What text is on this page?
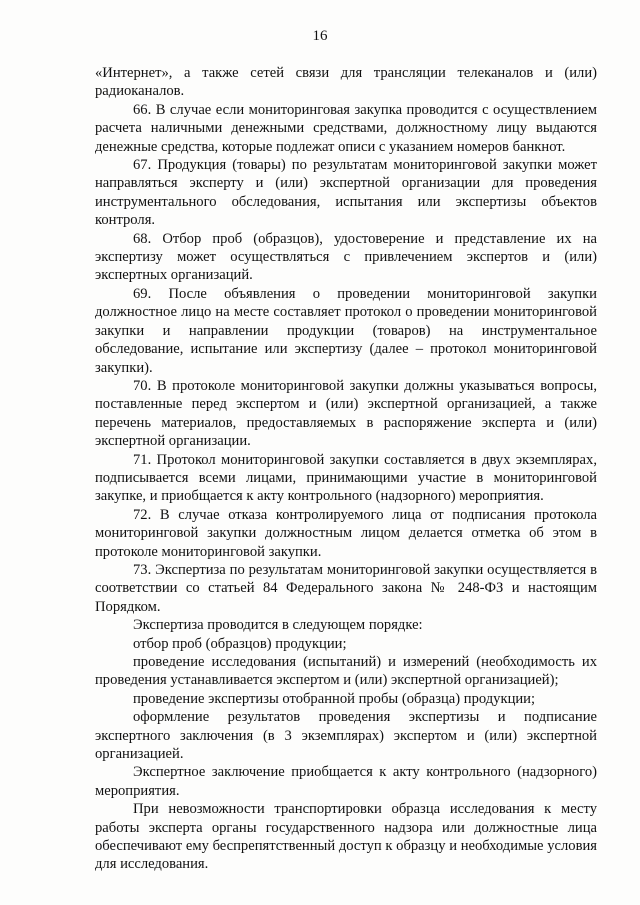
16

«Интернет», а также сетей связи для трансляции телеканалов и (или) радиоканалов.

66. В случае если мониторинговая закупка проводится с осуществлением расчета наличными денежными средствами, должностному лицу выдаются денежные средства, которые подлежат описи с указанием номеров банкнот.

67. Продукция (товары) по результатам мониторинговой закупки может направляться эксперту и (или) экспертной организации для проведения инструментального обследования, испытания или экспертизы объектов контроля.

68. Отбор проб (образцов), удостоверение и представление их на экспертизу может осуществляться с привлечением экспертов и (или) экспертных организаций.

69. После объявления о проведении мониторинговой закупки должностное лицо на месте составляет протокол о проведении мониторинговой закупки и направлении продукции (товаров) на инструментальное обследование, испытание или экспертизу (далее – протокол мониторинговой закупки).

70. В протоколе мониторинговой закупки должны указываться вопросы, поставленные перед экспертом и (или) экспертной организацией, а также перечень материалов, предоставляемых в распоряжение эксперта и (или) экспертной организации.

71. Протокол мониторинговой закупки составляется в двух экземплярах, подписывается всеми лицами, принимающими участие в мониторинговой закупке, и приобщается к акту контрольного (надзорного) мероприятия.

72. В случае отказа контролируемого лица от подписания протокола мониторинговой закупки должностным лицом делается отметка об этом в протоколе мониторинговой закупки.

73. Экспертиза по результатам мониторинговой закупки осуществляется в соответствии со статьей 84 Федерального закона № 248-ФЗ и настоящим Порядком.

Экспертиза проводится в следующем порядке:

отбор проб (образцов) продукции;

проведение исследования (испытаний) и измерений (необходимость их проведения устанавливается экспертом и (или) экспертной организацией);

проведение экспертизы отобранной пробы (образца) продукции;

оформление результатов проведения экспертизы и подписание экспертного заключения (в 3 экземплярах) экспертом и (или) экспертной организацией.

Экспертное заключение приобщается к акту контрольного (надзорного) мероприятия.

При невозможности транспортировки образца исследования к месту работы эксперта органы государственного надзора или должностные лица обеспечивают ему беспрепятственный доступ к образцу и необходимые условия для исследования.
